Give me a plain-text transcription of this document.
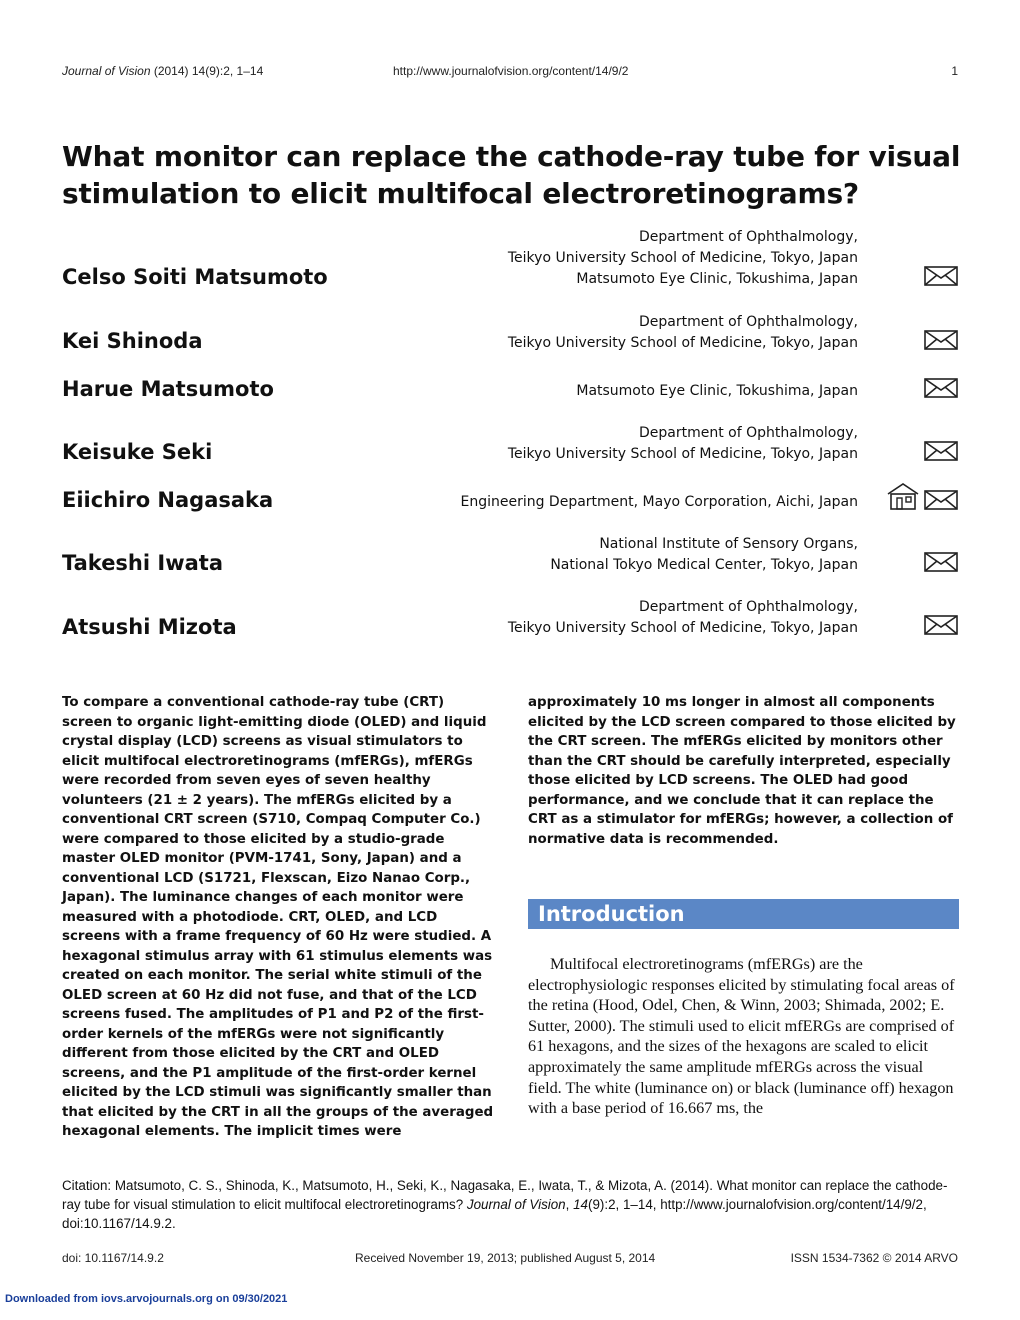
Journal of Vision (2014) 14(9):2, 1–14	http://www.journalofvision.org/content/14/9/2	1
What monitor can replace the cathode-ray tube for visual stimulation to elicit multifocal electroretinograms?
Celso Soiti Matsumoto
Department of Ophthalmology,
Teikyo University School of Medicine, Tokyo, Japan
Matsumoto Eye Clinic, Tokushima, Japan
Kei Shinoda
Department of Ophthalmology,
Teikyo University School of Medicine, Tokyo, Japan
Harue Matsumoto	Matsumoto Eye Clinic, Tokushima, Japan
Keisuke Seki
Department of Ophthalmology,
Teikyo University School of Medicine, Tokyo, Japan
Eiichiro Nagasaka	Engineering Department, Mayo Corporation, Aichi, Japan
Takeshi Iwata
National Institute of Sensory Organs,
National Tokyo Medical Center, Tokyo, Japan
Atsushi Mizota
Department of Ophthalmology,
Teikyo University School of Medicine, Tokyo, Japan
To compare a conventional cathode-ray tube (CRT) screen to organic light-emitting diode (OLED) and liquid crystal display (LCD) screens as visual stimulators to elicit multifocal electroretinograms (mfERGs), mfERGs were recorded from seven eyes of seven healthy volunteers (21 ± 2 years). The mfERGs elicited by a conventional CRT screen (S710, Compaq Computer Co.) were compared to those elicited by a studio-grade master OLED monitor (PVM-1741, Sony, Japan) and a conventional LCD (S1721, Flexscan, Eizo Nanao Corp., Japan). The luminance changes of each monitor were measured with a photodiode. CRT, OLED, and LCD screens with a frame frequency of 60 Hz were studied. A hexagonal stimulus array with 61 stimulus elements was created on each monitor. The serial white stimuli of the OLED screen at 60 Hz did not fuse, and that of the LCD screens fused. The amplitudes of P1 and P2 of the first-order kernels of the mfERGs were not significantly different from those elicited by the CRT and OLED screens, and the P1 amplitude of the first-order kernel elicited by the LCD stimuli was significantly smaller than that elicited by the CRT in all the groups of the averaged hexagonal elements. The implicit times were
approximately 10 ms longer in almost all components elicited by the LCD screen compared to those elicited by the CRT screen. The mfERGs elicited by monitors other than the CRT should be carefully interpreted, especially those elicited by LCD screens. The OLED had good performance, and we conclude that it can replace the CRT as a stimulator for mfERGs; however, a collection of normative data is recommended.
Introduction
Multifocal electroretinograms (mfERGs) are the electrophysiologic responses elicited by stimulating focal areas of the retina (Hood, Odel, Chen, & Winn, 2003; Shimada, 2002; E. Sutter, 2000). The stimuli used to elicit mfERGs are comprised of 61 hexagons, and the sizes of the hexagons are scaled to elicit approximately the same amplitude mfERGs across the visual field. The white (luminance on) or black (luminance off) hexagon with a base period of 16.667 ms, the
Citation: Matsumoto, C. S., Shinoda, K., Matsumoto, H., Seki, K., Nagasaka, E., Iwata, T., & Mizota, A. (2014). What monitor can replace the cathode-ray tube for visual stimulation to elicit multifocal electroretinograms? Journal of Vision, 14(9):2, 1–14, http://www.journalofvision.org/content/14/9/2, doi:10.1167/14.9.2.
doi: 10.1167/14.9.2	Received November 19, 2013; published August 5, 2014	ISSN 1534-7362 © 2014 ARVO
Downloaded from iovs.arvojournals.org on 09/30/2021
